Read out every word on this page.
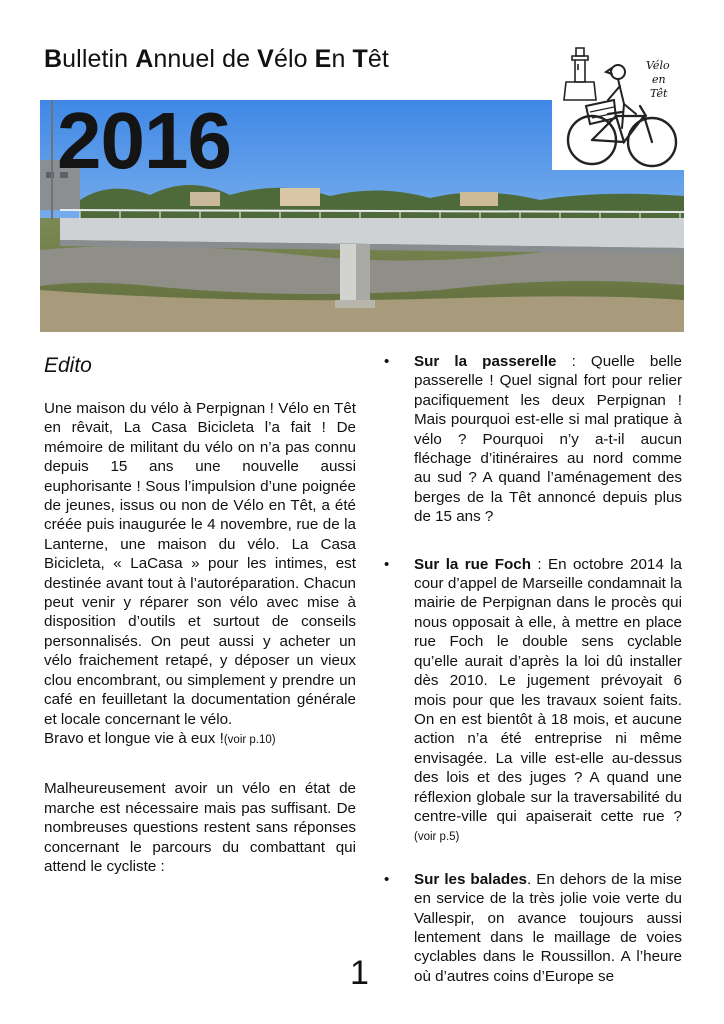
Bulletin Annuel de Vélo En Têt
2016
Vélo
en
Têt
Edito

Une maison du vélo à Perpignan ! Vélo en Têt en rêvait, La Casa Bicicleta l’a fait ! De mémoire de militant du vélo on n’a pas connu depuis 15 ans une nouvelle aussi euphorisante ! Sous l’impulsion d’une poignée de jeunes, issus ou non de Vélo en Têt, a été créée puis inaugurée le 4 novembre, rue de la Lanterne, une maison du vélo. La Casa Bicicleta, « LaCasa » pour les intimes, est destinée avant tout à l’autoréparation. Chacun peut venir y réparer son vélo avec mise à disposition d’outils et surtout de conseils personnalisés. On peut aussi y acheter un vélo fraichement retapé, y déposer un vieux clou encombrant, ou simplement y prendre un café en feuilletant la documentation générale et locale concernant le vélo.
Bravo et longue vie à eux !(voir p.10)

Malheureusement avoir un vélo en état de marche est nécessaire mais pas suffisant. De nombreuses questions restent sans réponses concernant le parcours du combattant qui attend le cycliste :

• Sur la passerelle : Quelle belle passerelle ! Quel signal fort pour relier pacifiquement les deux Perpignan ! Mais pourquoi est-elle si mal pratique à vélo ? Pourquoi n’y a-t-il aucun fléchage d’itinéraires au nord comme au sud ? A quand l’aménagement des berges de la Têt annoncé depuis plus de 15 ans ?

• Sur la rue Foch : En octobre 2014 la cour d’appel de Marseille condamnait la mairie de Perpignan dans le procès qui nous opposait à elle, à mettre en place rue Foch le double sens cyclable qu’elle aurait d’après la loi dû installer dès 2010. Le jugement prévoyait 6 mois pour que les travaux soient faits. On en est bientôt à 18 mois, et aucune action n’a été entreprise ni même envisagée. La ville est-elle au-dessus des lois et des juges ? A quand une réflexion globale sur la traversabilité du centre-ville qui apaiserait cette rue ? (voir p.5)

• Sur les balades. En dehors de la mise en service de la très jolie voie verte du Vallespir, on avance toujours aussi lentement dans le maillage de voies cyclables dans le Roussillon. A l’heure où d’autres coins d’Europe se

1
